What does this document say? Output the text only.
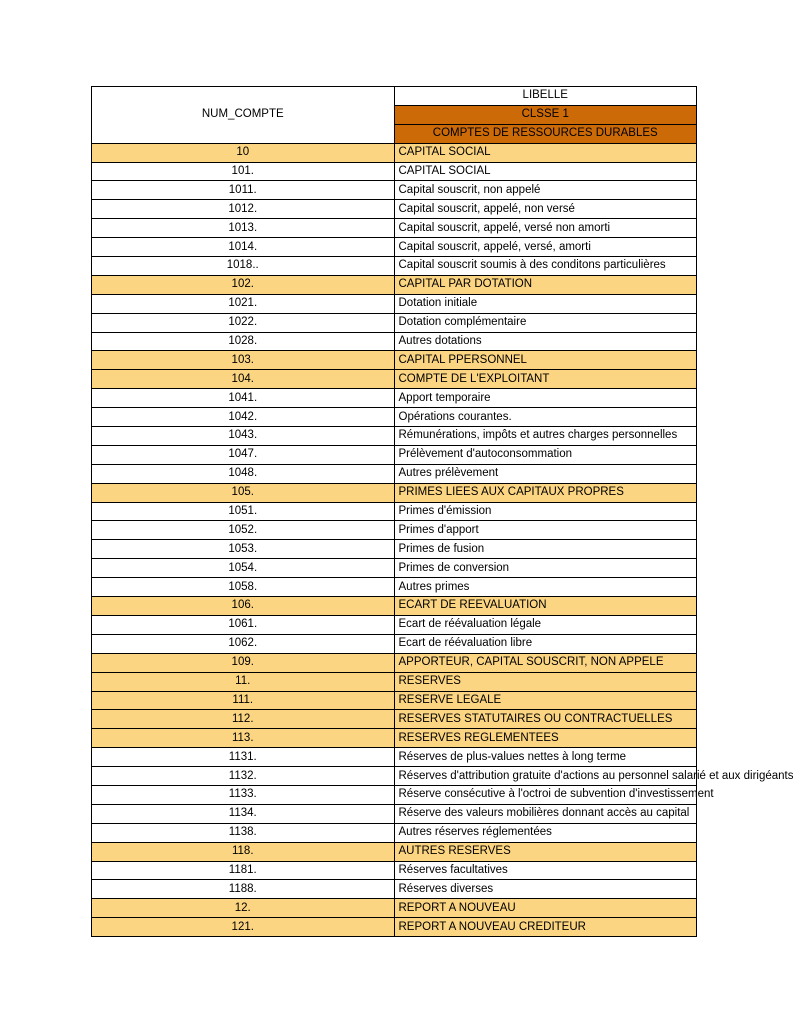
NUM_COMPTE	LIBELLE
	CLSSE 1
	COMPTES DE RESSOURCES DURABLES
10	CAPITAL SOCIAL
101.	CAPITAL SOCIAL
1011.	Capital souscrit, non appelé
1012.	Capital souscrit, appelé, non versé
1013.	Capital souscrit, appelé, versé non amorti
1014.	Capital souscrit, appelé, versé, amorti
1018..	Capital souscrit soumis à des conditons particulières
102.	CAPITAL PAR DOTATION
1021.	Dotation initiale
1022.	Dotation complémentaire
1028.	Autres dotations
103.	CAPITAL PPERSONNEL
104.	COMPTE DE L'EXPLOITANT
1041.	Apport temporaire
1042.	Opérations courantes.
1043.	Rémunérations, impôts et autres charges personnelles
1047.	Prélèvement d'autoconsommation
1048.	Autres prélèvement
105.	PRIMES LIEES AUX CAPITAUX PROPRES
1051.	Primes d'émission
1052.	Primes d'apport
1053.	Primes de fusion
1054.	Primes de conversion
1058.	Autres primes
106.	ECART DE REEVALUATION
1061.	Ecart de réévaluation légale
1062.	Ecart de réévaluation libre
109.	APPORTEUR, CAPITAL SOUSCRIT, NON APPELE
11.	RESERVES
111.	RESERVE LEGALE
112.	RESERVES STATUTAIRES OU CONTRACTUELLES
113.	RESERVES REGLEMENTEES
1131.	Réserves de plus-values nettes à long terme
1132.	Réserves d'attribution gratuite d'actions au personnel salarié et aux dirigéants
1133.	Réserve consécutive à l'octroi de subvention d'investissement
1134.	Réserve des valeurs mobilières donnant accès au capital
1138.	Autres réserves réglementées
118.	AUTRES RESERVES
1181.	Réserves facultatives
1188.	Réserves diverses
12.	REPORT A NOUVEAU
121.	REPORT A NOUVEAU CREDITEUR
